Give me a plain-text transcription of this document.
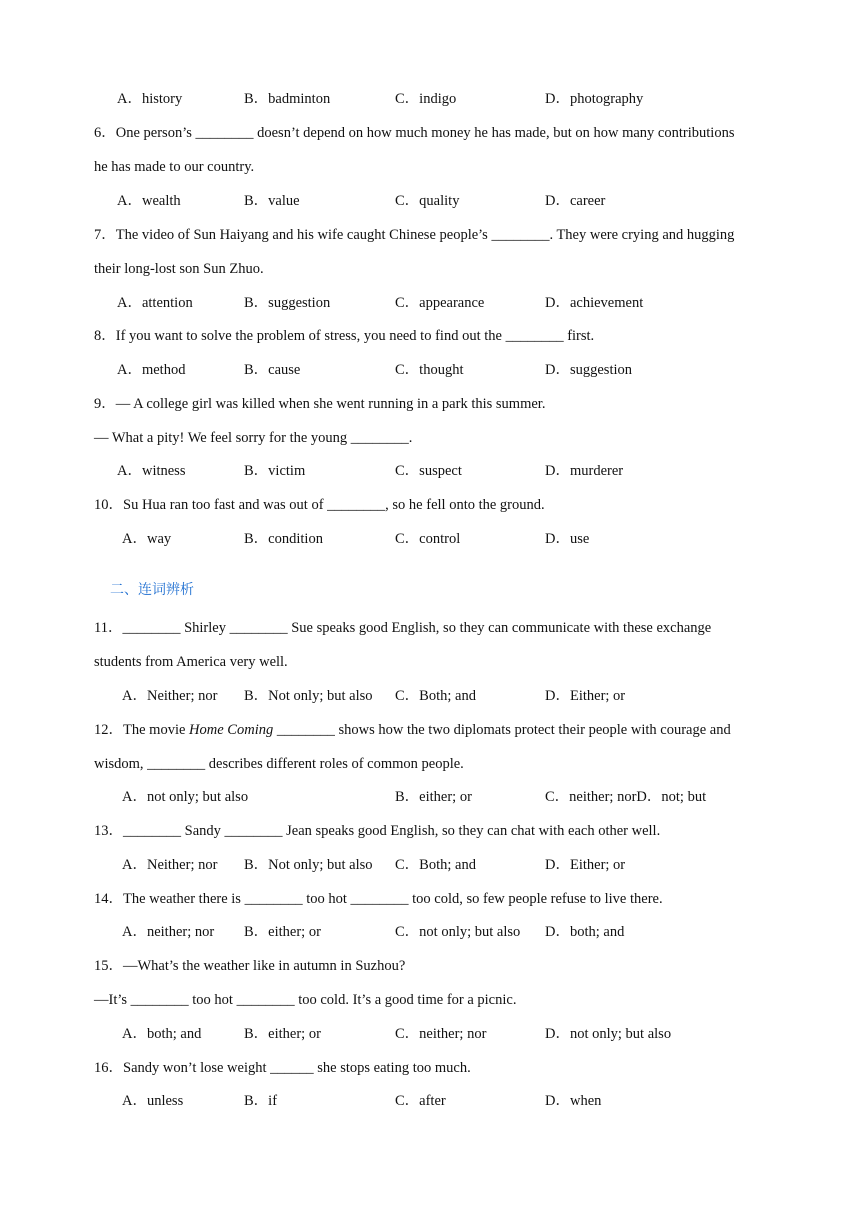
A．history	B．badminton	C．indigo	D．photography
6．One person’s ________ doesn’t depend on how much money he has made, but on how many contributions
he has made to our country.
A．wealth	B．value	C．quality	D．career
7．The video of Sun Haiyang and his wife caught Chinese people’s ________. They were crying and hugging
their long-lost son Sun Zhuo.
A．attention	B．suggestion	C．appearance	D．achievement
8．If you want to solve the problem of stress, you need to find out the ________ first.
A．method	B．cause	C．thought	D．suggestion
9．— A college girl was killed when she went running in a park this summer.
— What a pity! We feel sorry for the young ________.
A．witness	B．victim	C．suspect	D．murderer
10．Su Hua ran too fast and was out of ________, so he fell onto the ground.
A．way	B．condition	C．control	D．use
二、连词辨析
11．________ Shirley ________ Sue speaks good English, so they can communicate with these exchange
students from America very well.
A．Neither; nor B．Not only; but also C．Both; and	D．Either; or
12．The movie Home Coming ________ shows how the two diplomats protect their people with courage and
wisdom, ________ describes different roles of common people.
A．not only; but also	B．either; or	C．neither; norD．not; but
13．________ Sandy ________ Jean speaks good English, so they can chat with each other well.
A．Neither; nor B．Not only; but also C．Both; and	D．Either; or
14．The weather there is ________ too hot ________ too cold, so few people refuse to live there.
A．neither; nor B．either; or	C．not only; but also D．both; and
15．—What’s the weather like in autumn in Suzhou?
—It’s ________ too hot ________ too cold. It’s a good time for a picnic.
A．both; and	B．either; or	C．neither; nor	D．not only; but also
16．Sandy won’t lose weight ______ she stops eating too much.
A．unless	B．if	C．after	D．when
